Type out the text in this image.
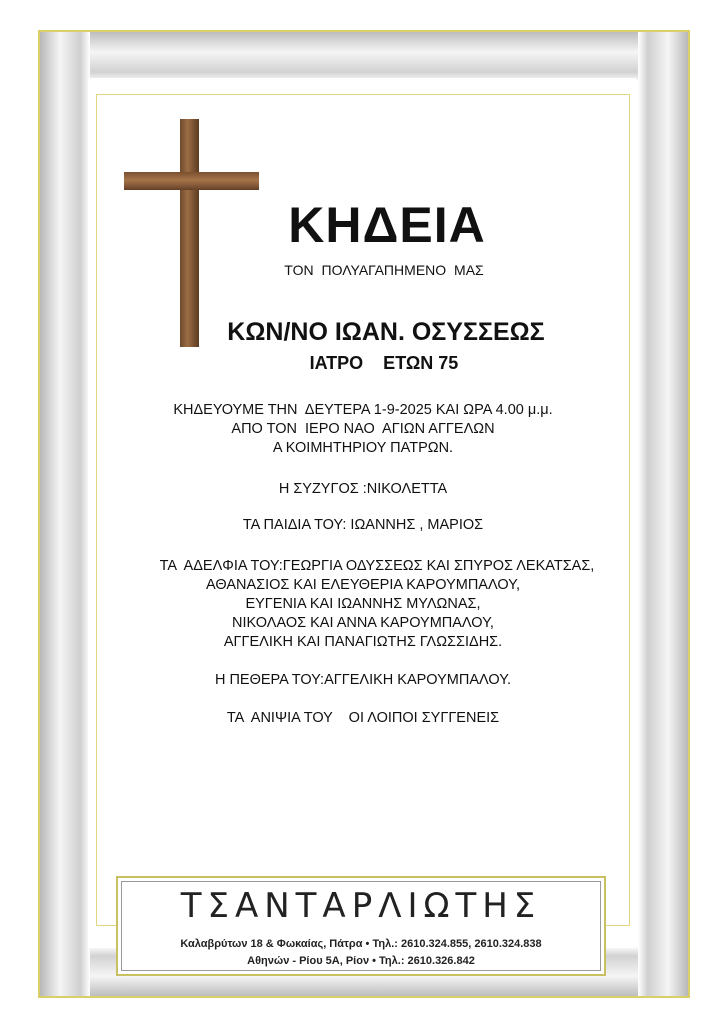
ΚΗΔΕΙΑ
ΤΟΝ ΠΟΛΥΑΓΑΠΗΜΕΝΟ ΜΑΣ
ΚΩΝ/ΝΟ ΙΩΑΝ. ΟΣΥΣΣΕΩΣ
ΙΑΤΡΟ    ΕΤΩΝ 75
ΚΗΔΕΥΟΥΜΕ ΤΗΝ  ΔΕΥΤΕΡΑ 1-9-2025 ΚΑΙ ΩΡΑ 4.00 μ.μ.
ΑΠΟ ΤΟΝ  ΙΕΡΟ ΝΑΟ  ΑΓΙΩΝ ΑΓΓΕΛΩΝ
Α ΚΟΙΜΗΤΗΡΙΟΥ ΠΑΤΡΩΝ.
Η ΣΥΖΥΓΟΣ :ΝΙΚΟΛΕΤΤΑ
ΤΑ ΠΑΙΔΙΑ ΤΟΥ: ΙΩΑΝΝΗΣ , ΜΑΡΙΟΣ
ΤΑ  ΑΔΕΛΦΙΑ ΤΟΥ:ΓΕΩΡΓΙΑ ΟΔΥΣΣΕΩΣ ΚΑΙ ΣΠΥΡΟΣ ΛΕΚΑΤΣΑΣ,
ΑΘΑΝΑΣΙΟΣ ΚΑΙ ΕΛΕΥΘΕΡΙΑ ΚΑΡΟΥΜΠΑΛΟΥ,
ΕΥΓΕΝΙΑ ΚΑΙ ΙΩΑΝΝΗΣ ΜΥΛΩΝΑΣ,
ΝΙΚΟΛΑΟΣ ΚΑΙ ΑΝΝΑ ΚΑΡΟΥΜΠΑΛΟΥ,
ΑΓΓΕΛΙΚΗ ΚΑΙ ΠΑΝΑΓΙΩΤΗΣ ΓΛΩΣΣΙΔΗΣ.
Η ΠΕΘΕΡΑ ΤΟΥ:ΑΓΓΕΛΙΚΗ ΚΑΡΟΥΜΠΑΛΟΥ.
ΤΑ  ΑΝΙΨΙΑ ΤΟΥ    ΟΙ ΛΟΙΠΟΙ ΣΥΓΓΕΝΕΙΣ
ΤΣΑΝΤΑΡΛΙΩΤΗΣ
Καλαβρύτων 18 & Φωκαίας, Πάτρα • Τηλ.: 2610.324.855, 2610.324.838
Αθηνών - Ρίου 5Α, Ρίον • Τηλ.: 2610.326.842
